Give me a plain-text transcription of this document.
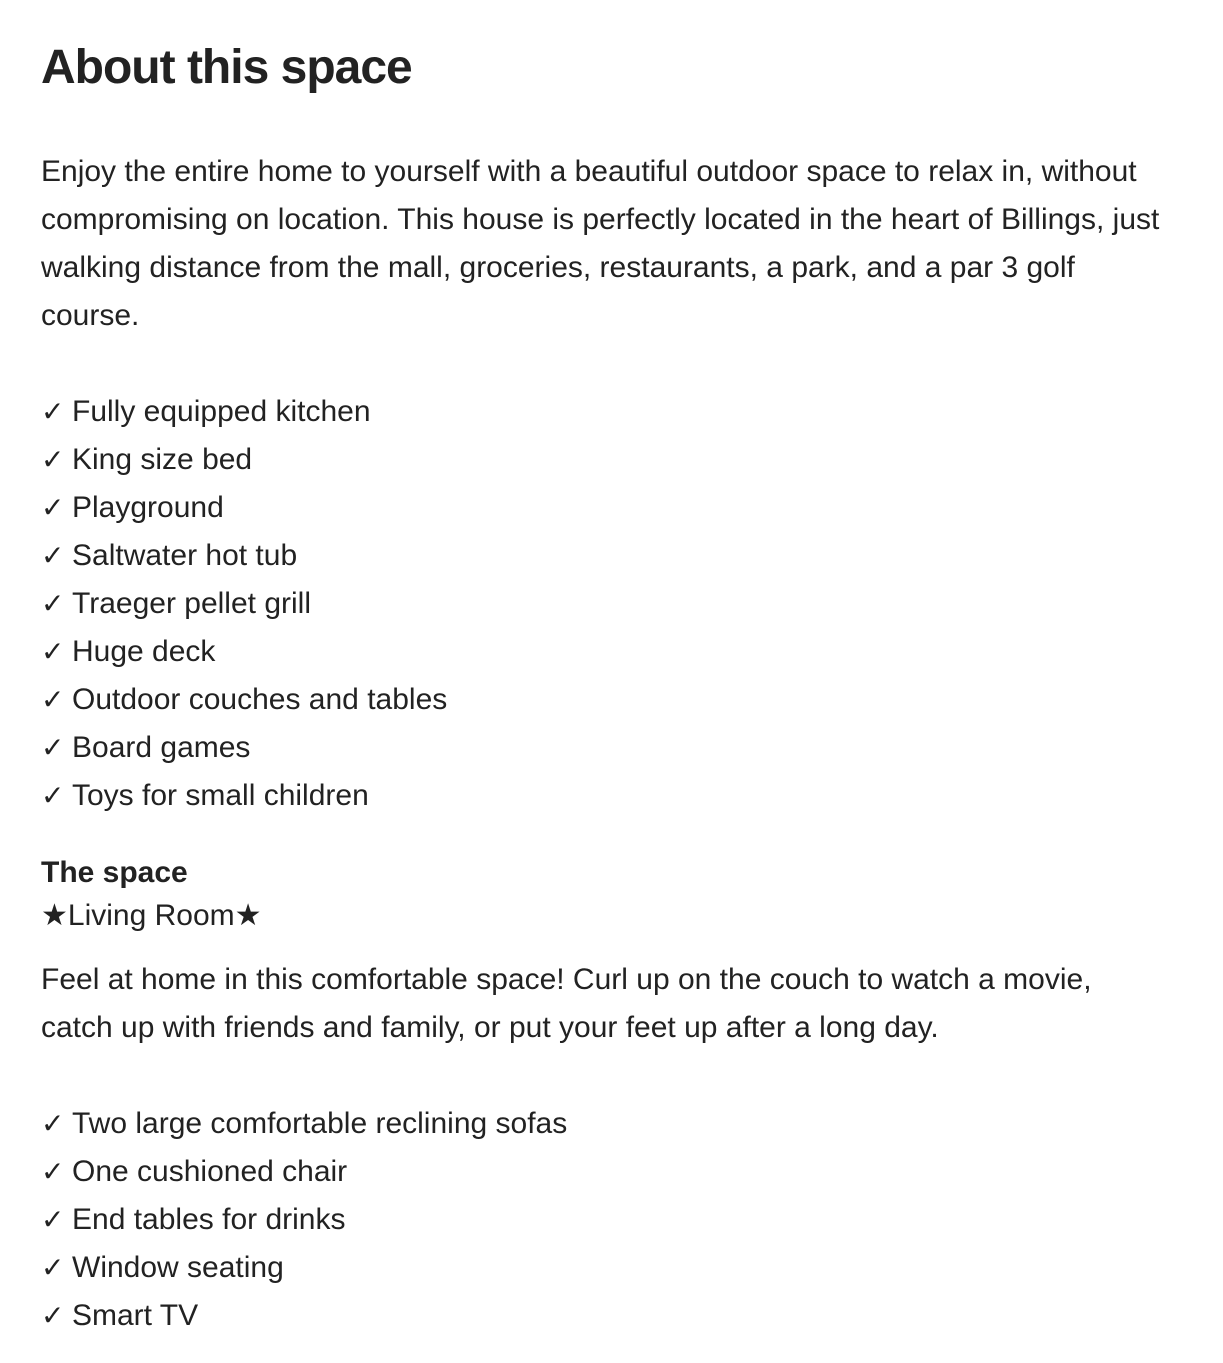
About this space

Enjoy the entire home to yourself with a beautiful outdoor space to relax in, without compromising on location. This house is perfectly located in the heart of Billings, just walking distance from the mall, groceries, restaurants, a park, and a par 3 golf course.

✓ Fully equipped kitchen
✓ King size bed
✓ Playground
✓ Saltwater hot tub
✓ Traeger pellet grill
✓ Huge deck
✓ Outdoor couches and tables
✓ Board games
✓ Toys for small children
The space

★Living Room★

Feel at home in this comfortable space! Curl up on the couch to watch a movie, catch up with friends and family, or put your feet up after a long day.

✓ Two large comfortable reclining sofas
✓ One cushioned chair
✓ End tables for drinks
✓ Window seating
✓ Smart TV
